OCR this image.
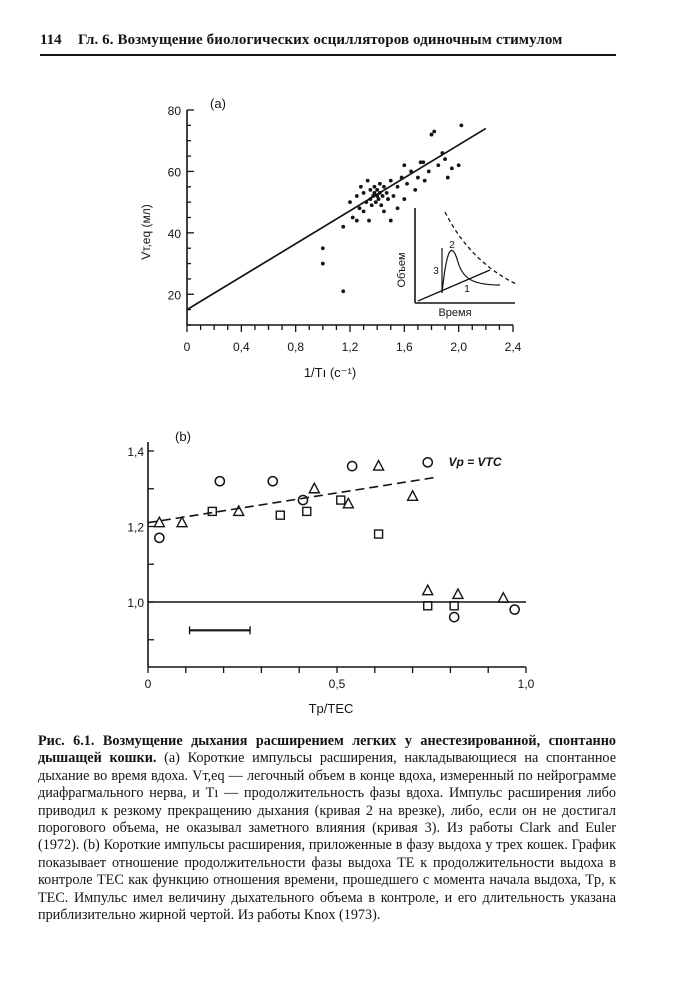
114 Гл. 6. Возмущение биологических осцилляторов одиночным стимулом
0	0,4	0,8	1,2	1,6	2,0	2,4
80
60
40
20
1/Tı (c⁻¹)
Vт,eq (мл)
(a)
3
2
1
Объем
Время
0	0,5	1,0
1,4
1,2
1,0
Tр/TЕС
(b)
Vр = VТС

Рис. 6.1. Возмущение дыхания расширением легких у анестезированной, спонтанно дышащей кошки. (a) Короткие импульсы расширения, накладывающиеся на спонтанное дыхание во время вдоха. Vт,eq — легочный объем в конце вдоха, измеренный по нейрограмме диафрагмального нерва, и Tı — продолжительность фазы вдоха. Импульс расширения либо приводил к резкому прекращению дыхания (кривая 2 на врезке), либо, если он не достигал порогового объема, не оказывал заметного влияния (кривая 3). Из работы Clark and Euler (1972). (b) Короткие импульсы расширения, приложенные в фазу выдоха у трех кошек. График показывает отношение продолжительности фазы выдоха TЕ к продолжительности выдоха в контроле TЕС как функцию отношения времени, прошедшего с момента начала выдоха, Tр, к TЕС. Импульс имел величину дыхательного объема в контроле, и его длительность указана приблизительно жирной чертой. Из работы Knox (1973).
